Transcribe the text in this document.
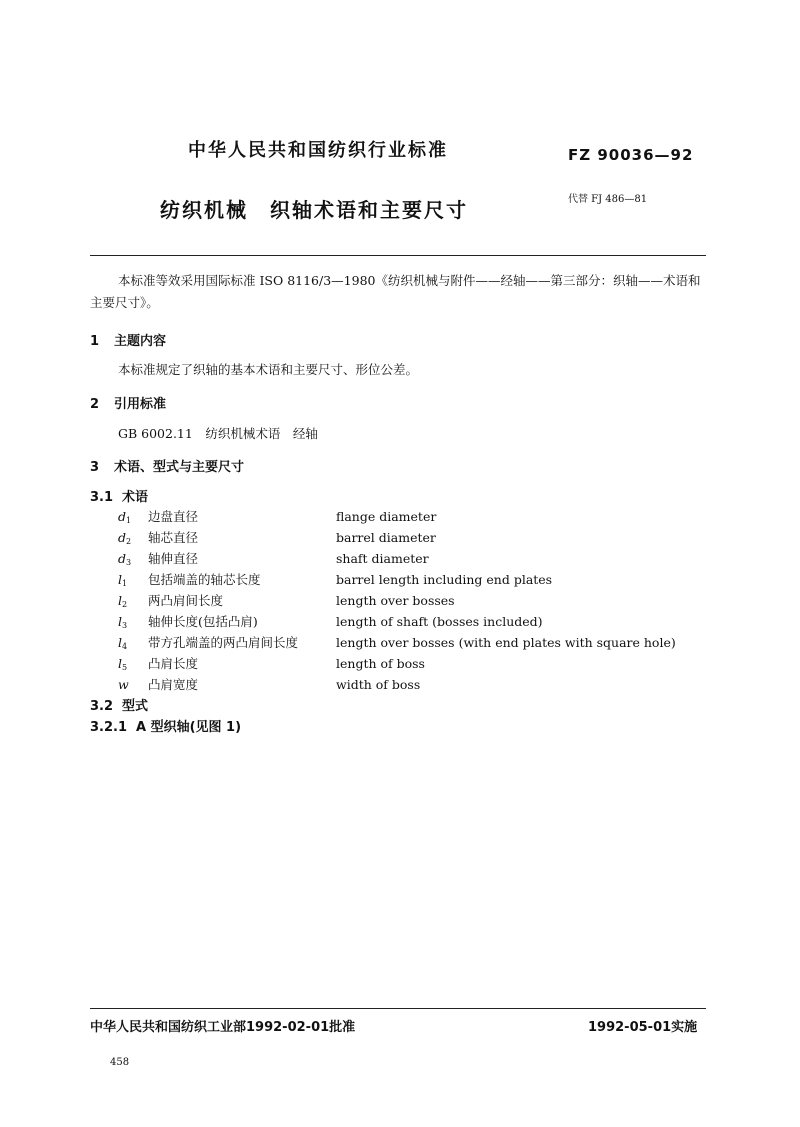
中华人民共和国纺织行业标准	FZ 90036—92
纺织机械　织轴术语和主要尺寸	代替 FJ 486—81
本标准等效采用国际标准 ISO 8116/3—1980《纺织机械与附件——经轴——第三部分：织轴——术语和主要尺寸》。
1 主题内容
本标准规定了织轴的基本术语和主要尺寸、形位公差。
2 引用标准
GB 6002.11　纺织机械术语　经轴
3 术语、型式与主要尺寸
3.1 术语
d1 边盘直径	flange diameter
d2 轴芯直径	barrel diameter
d3 轴伸直径	shaft diameter
l1 包括端盖的轴芯长度	barrel length including end plates
l2 两凸肩间长度	length over bosses
l3 轴伸长度(包括凸肩)	length of shaft (bosses included)
l4 带方孔端盖的两凸肩间长度	length over bosses (with end plates with square hole)
l5 凸肩长度	length of boss
w 凸肩宽度	width of boss
3.2 型式
3.2.1 A 型织轴(见图 1)
中华人民共和国纺织工业部1992-02-01批准	1992-05-01实施
458
